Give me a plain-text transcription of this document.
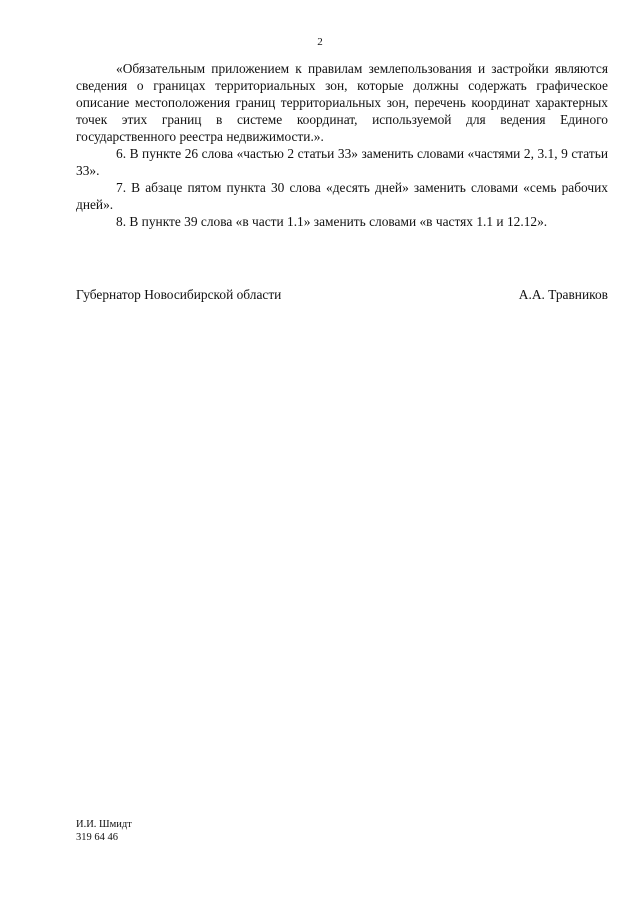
2

«Обязательным приложением к правилам землепользования и застройки являются сведения о границах территориальных зон, которые должны содержать графическое описание местоположения границ территориальных зон, перечень координат характерных точек этих границ в системе координат, используемой для ведения Единого государственного реестра недвижимости.».

6. В пункте 26 слова «частью 2 статьи 33» заменить словами «частями 2, 3.1, 9 статьи 33».

7. В абзаце пятом пункта 30 слова «десять дней» заменить словами «семь рабочих дней».

8. В пункте 39 слова «в части 1.1» заменить словами «в частях 1.1 и 12.12».

Губернатор Новосибирской области	А.А. Травников
И.И. Шмидт
319 64 46
